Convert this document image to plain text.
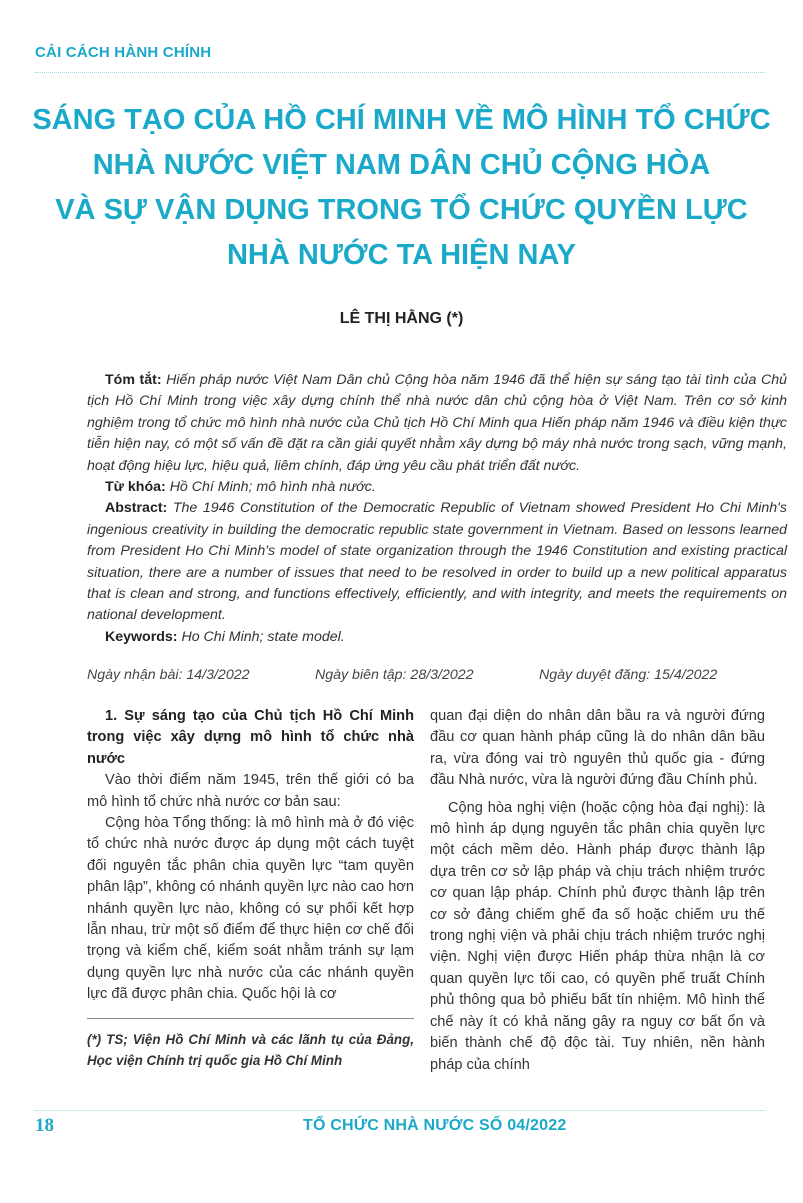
CẢI CÁCH HÀNH CHÍNH
SÁNG TẠO CỦA HỒ CHÍ MINH VỀ MÔ HÌNH TỔ CHỨC
NHÀ NƯỚC VIỆT NAM DÂN CHỦ CỘNG HÒA
VÀ SỰ VẬN DỤNG TRONG TỔ CHỨC QUYỀN LỰC
NHÀ NƯỚC TA HIỆN NAY
LÊ THỊ HẰNG (*)

Tóm tắt: Hiến pháp nước Việt Nam Dân chủ Cộng hòa năm 1946 đã thể hiện sự sáng tạo tài tình của Chủ tịch Hồ Chí Minh trong việc xây dựng chính thể nhà nước dân chủ cộng hòa ở Việt Nam. Trên cơ sở kinh nghiệm trong tổ chức mô hình nhà nước của Chủ tịch Hồ Chí Minh qua Hiến pháp năm 1946 và điều kiện thực tiễn hiện nay, có một số vấn đề đặt ra cần giải quyết nhằm xây dựng bộ máy nhà nước trong sạch, vững mạnh, hoạt động hiệu lực, hiệu quả, liêm chính, đáp ứng yêu cầu phát triển đất nước.

Từ khóa: Hồ Chí Minh; mô hình nhà nước.

Abstract: The 1946 Constitution of the Democratic Republic of Vietnam showed President Ho Chi Minh's ingenious creativity in building the democratic republic state government in Vietnam. Based on lessons learned from President Ho Chi Minh's model of state organization through the 1946 Constitution and existing practical situation, there are a number of issues that need to be resolved in order to build up a new political apparatus that is clean and strong, and functions effectively, efficiently, and with integrity, and meets the requirements on national development.

Keywords: Ho Chi Minh; state model.

Ngày nhận bài: 14/3/2022	Ngày biên tập: 28/3/2022	Ngày duyệt đăng: 15/4/2022

1. Sự sáng tạo của Chủ tịch Hồ Chí Minh trong việc xây dựng mô hình tổ chức nhà nước

Vào thời điểm năm 1945, trên thế giới có ba mô hình tổ chức nhà nước cơ bản sau:

Cộng hòa Tổng thống: là mô hình mà ở đó việc tổ chức nhà nước được áp dụng một cách tuyệt đối nguyên tắc phân chia quyền lực “tam quyền phân lập”, không có nhánh quyền lực nào cao hơn nhánh quyền lực nào, không có sự phối kết hợp lẫn nhau, trừ một số điểm để thực hiện cơ chế đối trọng và kiểm chế, kiểm soát nhằm tránh sự lạm dụng quyền lực nhà nước của các nhánh quyền lực đã được phân chia. Quốc hội là cơ

quan đại diện do nhân dân bầu ra và người đứng đầu cơ quan hành pháp cũng là do nhân dân bầu ra, vừa đóng vai trò nguyên thủ quốc gia - đứng đầu Nhà nước, vừa là người đứng đầu Chính phủ.

Cộng hòa nghị viện (hoặc cộng hòa đại nghị): là mô hình áp dụng nguyên tắc phân chia quyền lực một cách mềm dẻo. Hành pháp được thành lập dựa trên cơ sở lập pháp và chịu trách nhiệm trước cơ quan lập pháp. Chính phủ được thành lập trên cơ sở đảng chiếm ghế đa số hoặc chiếm ưu thế trong nghị viện và phải chịu trách nhiệm trước nghị viện. Nghị viện được Hiến pháp thừa nhận là cơ quan quyền lực tối cao, có quyền phế truất Chính phủ thông qua bỏ phiếu bất tín nhiệm. Mô hình thể chế này ít có khả năng gây ra nguy cơ bất ổn và biến thành chế độ độc tài. Tuy nhiên, nền hành pháp của chính

(*) TS; Viện Hồ Chí Minh và các lãnh tụ của Đảng, Học viện Chính trị quốc gia Hồ Chí Minh
18	TỔ CHỨC NHÀ NƯỚC SỐ 04/2022
